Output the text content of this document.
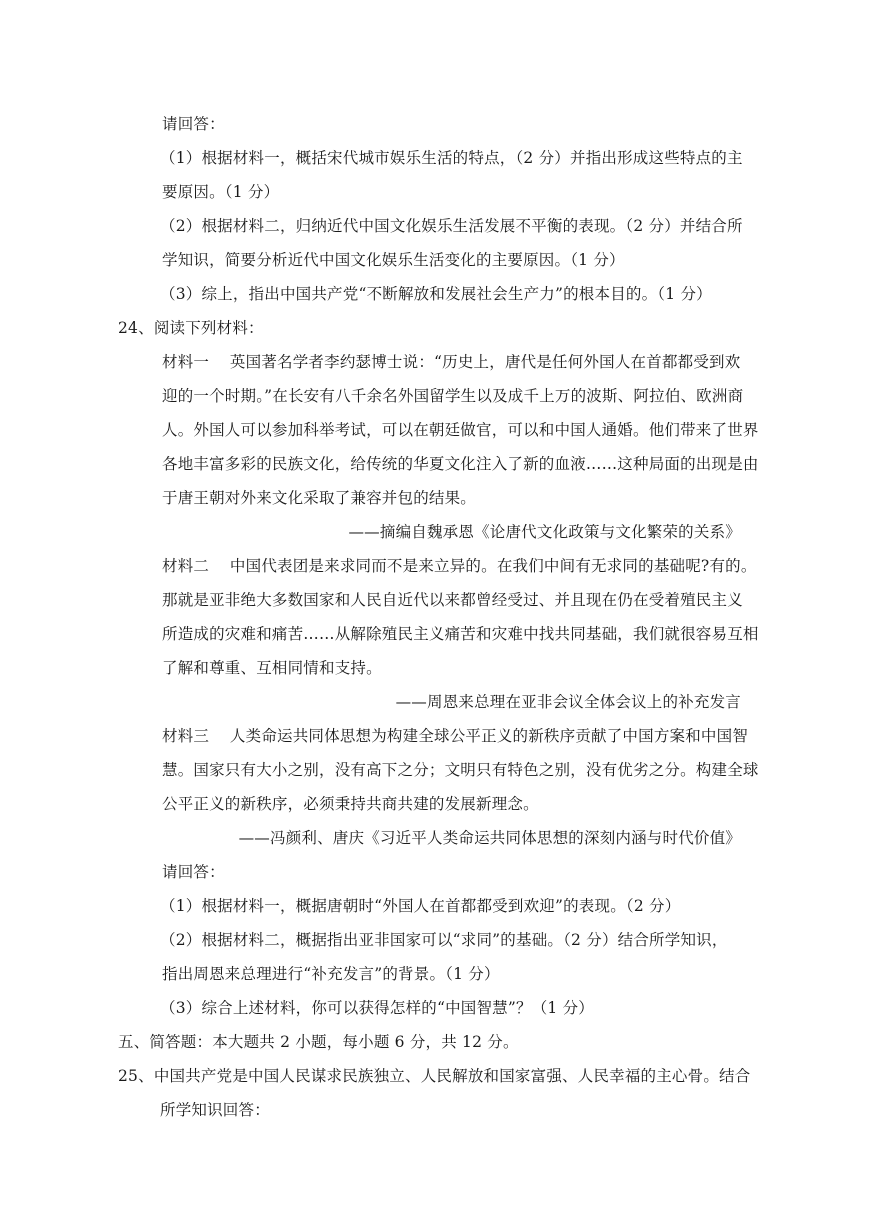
请回答：
（1）根据材料一，概括宋代城市娱乐生活的特点，（2 分）并指出形成这些特点的主
要原因。（1 分）
（2）根据材料二，归纳近代中国文化娱乐生活发展不平衡的表现。（2 分）并结合所
学知识，简要分析近代中国文化娱乐生活变化的主要原因。（1 分）
（3）综上，指出中国共产党“不断解放和发展社会生产力”的根本目的。（1 分）
24、阅读下列材料：
材料一　 英国著名学者李约瑟博士说：“历史上，唐代是任何外国人在首都都受到欢
迎的一个时期。”在长安有八千余名外国留学生以及成千上万的波斯、阿拉伯、欧洲商
人。外国人可以参加科举考试，可以在朝廷做官，可以和中国人通婚。他们带来了世界
各地丰富多彩的民族文化，给传统的华夏文化注入了新的血液……这种局面的出现是由
于唐王朝对外来文化采取了兼容并包的结果。
——摘编自魏承恩《论唐代文化政策与文化繁荣的关系》
材料二　 中国代表团是来求同而不是来立异的。在我们中间有无求同的基础呢?有的。
那就是亚非绝大多数国家和人民自近代以来都曾经受过、并且现在仍在受着殖民主义
所造成的灾难和痛苦……从解除殖民主义痛苦和灾难中找共同基础，我们就很容易互相
了解和尊重、互相同情和支持。
——周恩来总理在亚非会议全体会议上的补充发言
材料三　 人类命运共同体思想为构建全球公平正义的新秩序贡献了中国方案和中国智
慧。国家只有大小之别，没有高下之分；文明只有特色之别，没有优劣之分。构建全球
公平正义的新秩序，必须秉持共商共建的发展新理念。
——冯颜利、唐庆《习近平人类命运共同体思想的深刻内涵与时代价值》
请回答：
（1）根据材料一，概据唐朝时“外国人在首都都受到欢迎”的表现。（2 分）
（2）根据材料二，概据指出亚非国家可以“求同”的基础。（2 分）结合所学知识，
指出周恩来总理进行“补充发言”的背景。（1 分）
（3）综合上述材料，你可以获得怎样的“中国智慧”？（1 分）
五、简答题：本大题共 2 小题，每小题 6 分，共 12 分。
25、中国共产党是中国人民谋求民族独立、人民解放和国家富强、人民幸福的主心骨。结合
所学知识回答：
